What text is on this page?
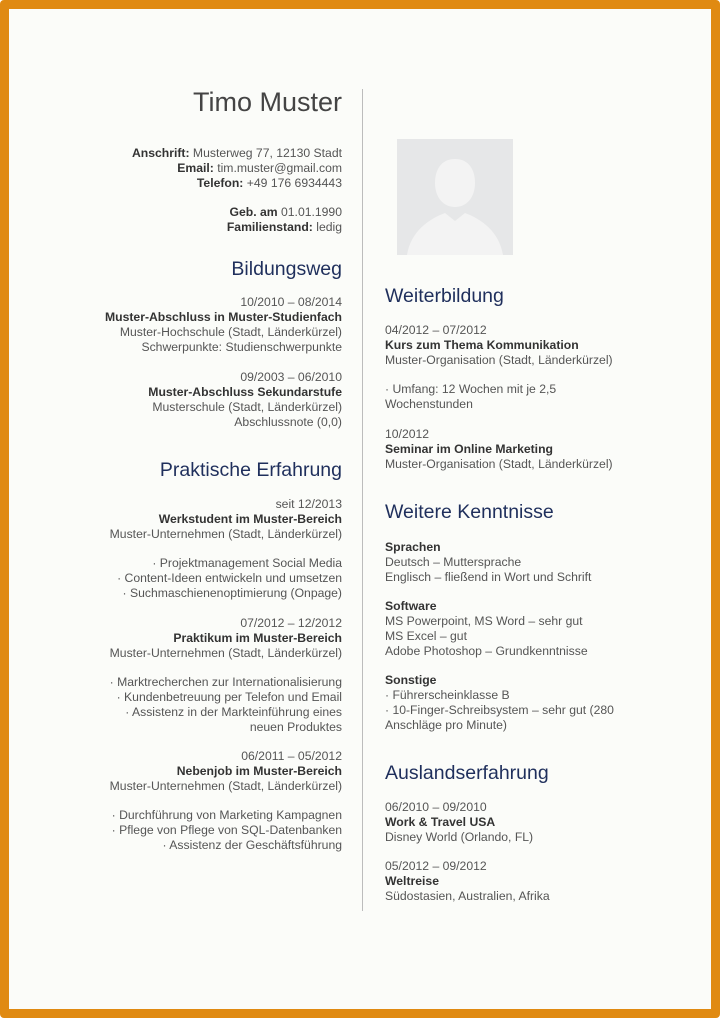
Timo Muster
Anschrift: Musterweg 77, 12130 Stadt
Email: tim.muster@gmail.com
Telefon: +49 176 6934443
Geb. am 01.01.1990
Familienstand: ledig
Bildungsweg
10/2010 – 08/2014
Muster-Abschluss in Muster-Studienfach
Muster-Hochschule (Stadt, Länderkürzel)
Schwerpunkte: Studienschwerpunkte
09/2003 – 06/2010
Muster-Abschluss Sekundarstufe
Musterschule (Stadt, Länderkürzel)
Abschlussnote (0,0)
Praktische Erfahrung
seit 12/2013
Werkstudent im Muster-Bereich
Muster-Unternehmen (Stadt, Länderkürzel)
· Projektmanagement Social Media
· Content-Ideen entwickeln und umsetzen
· Suchmaschienenoptimierung (Onpage)
07/2012 – 12/2012
Praktikum im Muster-Bereich
Muster-Unternehmen (Stadt, Länderkürzel)
· Marktrecherchen zur Internationalisierung
· Kundenbetreuung per Telefon und Email
· Assistenz in der Markteinführung eines
neuen Produktes
06/2011 – 05/2012
Nebenjob im Muster-Bereich
Muster-Unternehmen (Stadt, Länderkürzel)
· Durchführung von Marketing Kampagnen
· Pflege von Pflege von SQL-Datenbanken
· Assistenz der Geschäftsführung
Weiterbildung
04/2012 – 07/2012
Kurs zum Thema Kommunikation
Muster-Organisation (Stadt, Länderkürzel)
· Umfang: 12 Wochen mit je 2,5
Wochenstunden
10/2012
Seminar im Online Marketing
Muster-Organisation (Stadt, Länderkürzel)
Weitere Kenntnisse
Sprachen
Deutsch – Muttersprache
Englisch – fließend in Wort und Schrift
Software
MS Powerpoint, MS Word – sehr gut
MS Excel – gut
Adobe Photoshop – Grundkenntnisse
Sonstige
· Führerscheinklasse B
· 10-Finger-Schreibsystem – sehr gut (280
Anschläge pro Minute)
Auslandserfahrung
06/2010 – 09/2010
Work & Travel USA
Disney World (Orlando, FL)
05/2012 – 09/2012
Weltreise
Südostasien, Australien, Afrika
